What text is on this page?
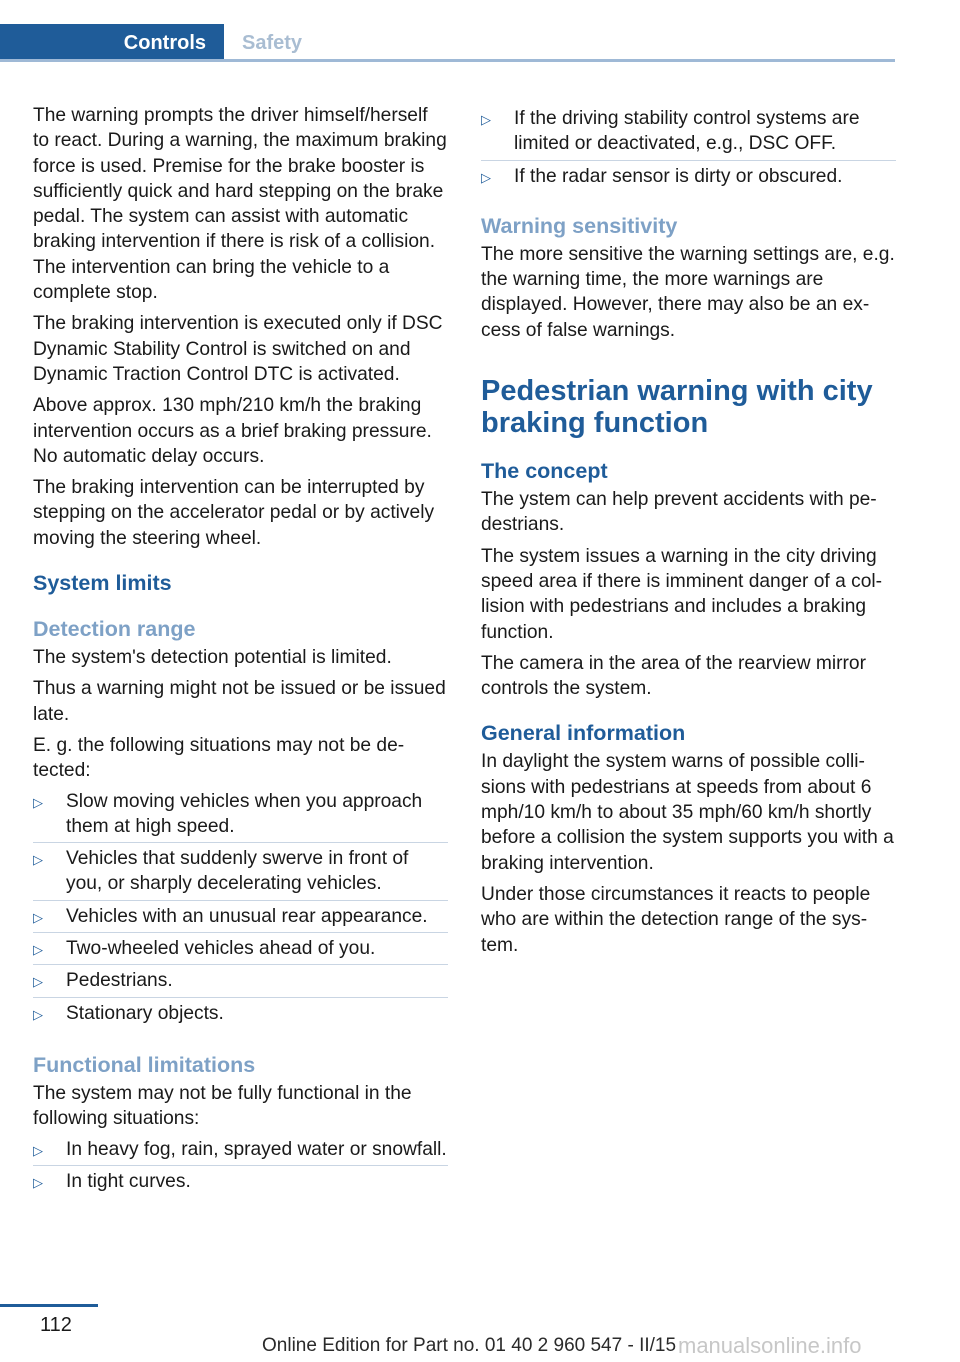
Controls	Safety

The warning prompts the driver himself/herself to react. During a warning, the maximum braking force is used. Premise for the brake booster is sufficiently quick and hard stepping on the brake pedal. The system can assist with automatic braking intervention if there is risk of a collision. The intervention can bring the vehicle to a complete stop.

The braking intervention is executed only if DSC Dynamic Stability Control is switched on and Dynamic Traction Control DTC is activated.

Above approx. 130 mph/210 km/h the braking intervention occurs as a brief braking pressure. No automatic delay occurs.

The braking intervention can be interrupted by stepping on the accelerator pedal or by actively moving the steering wheel.

System limits
Detection range

The system's detection potential is limited.

Thus a warning might not be issued or be issued late.

E. g. the following situations may not be detected:

▷ Slow moving vehicles when you approach them at high speed.
▷ Vehicles that suddenly swerve in front of you, or sharply decelerating vehicles.
▷ Vehicles with an unusual rear appearance.
▷ Two-wheeled vehicles ahead of you.
▷ Pedestrians.
▷ Stationary objects.
Functional limitations

The system may not be fully functional in the following situations:

▷ In heavy fog, rain, sprayed water or snowfall.
▷ In tight curves.
▷ If the driving stability control systems are limited or deactivated, e.g., DSC OFF.
▷ If the radar sensor is dirty or obscured.
Warning sensitivity

The more sensitive the warning settings are, e.g. the warning time, the more warnings are displayed. However, there may also be an excess of false warnings.

Pedestrian warning with city braking function
The concept

The ystem can help prevent accidents with pedestrians.

The system issues a warning in the city driving speed area if there is imminent danger of a collision with pedestrians and includes a braking function.

The camera in the area of the rearview mirror controls the system.

General information

In daylight the system warns of possible collisions with pedestrians at speeds from about 6 mph/10 km/h to about 35 mph/60 km/h shortly before a collision the system supports you with a braking intervention.

Under those circumstances it reacts to people who are within the detection range of the system.

112
Online Edition for Part no. 01 40 2 960 547 - II/15 manualsonline.info
